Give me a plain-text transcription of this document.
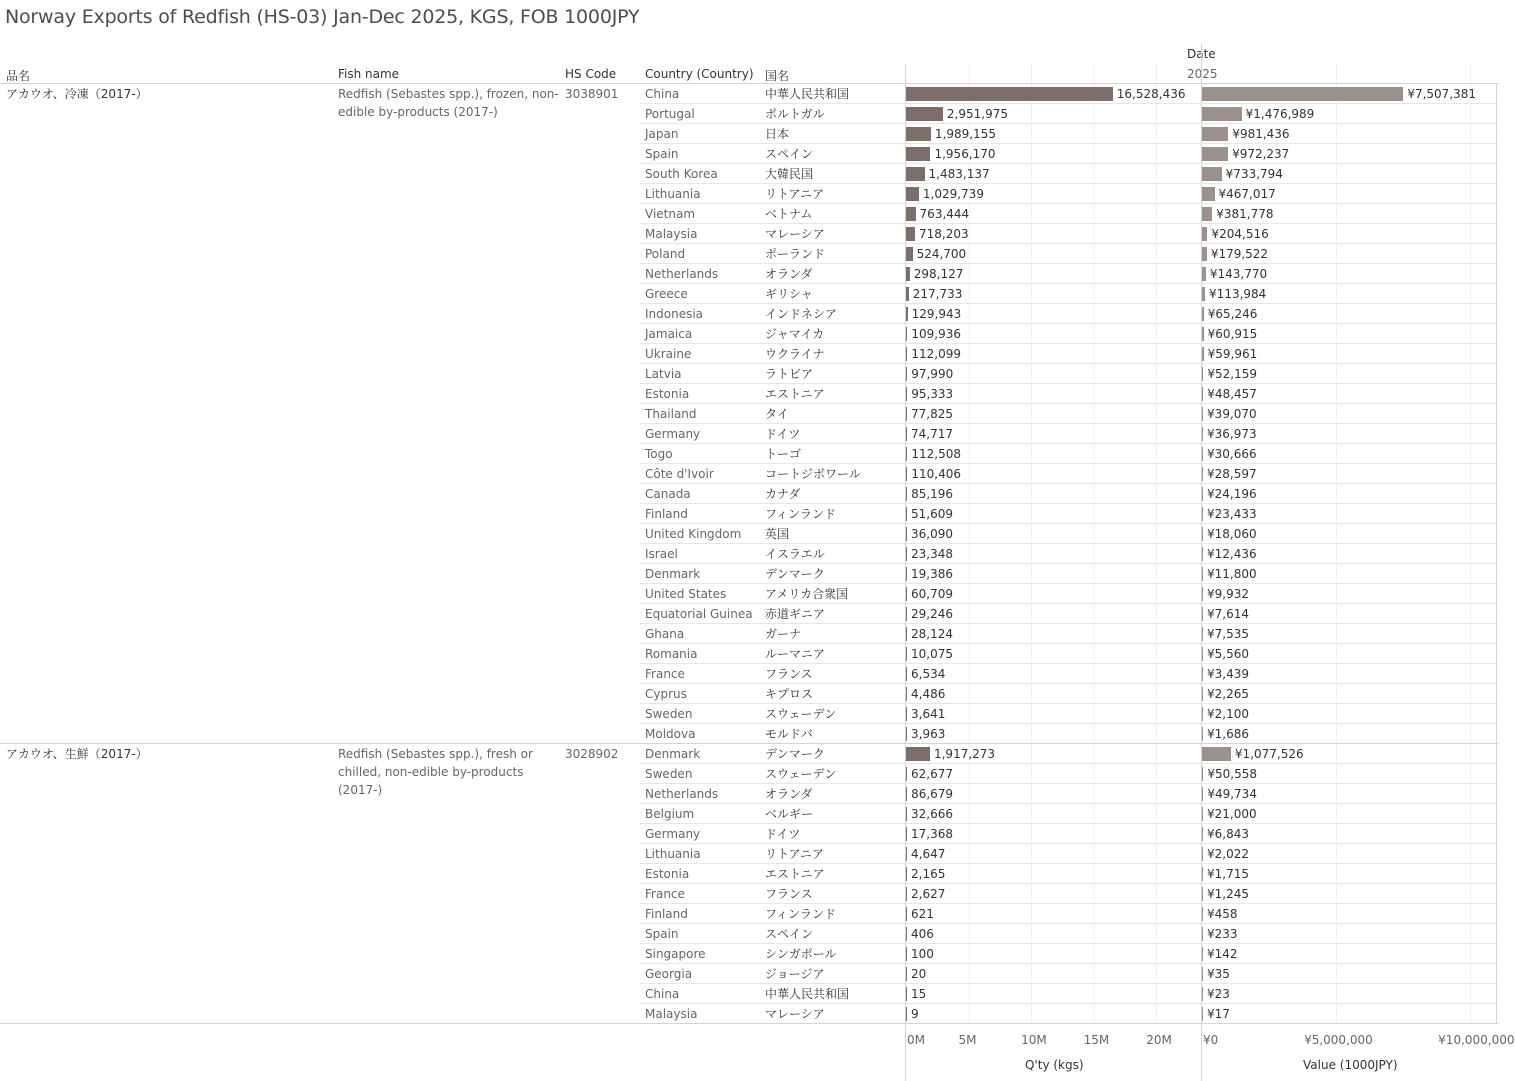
Norway Exports of Redfish (HS-03) Jan-Dec 2025, KGS, FOB 1000JPY
Date
2025
品名	Fish name	HS Code Country (Country) 国名
アカウオ、冷凍（2017-）	Redfish (Sebastes spp.), frozen, non-edible by-products (2017-)
3038901 China	中華人民共和国	16,528,436	¥7,507,381
Portugal	ポルトガル	2,951,975	¥1,476,989
Japan	日本	1,989,155	¥981,436
Spain	スペイン	1,956,170	¥972,237
South Korea	大韓民国	1,483,137	¥733,794
Lithuania	リトアニア	1,029,739	¥467,017
Vietnam	ベトナム	763,444	¥381,778
Malaysia	マレーシア	718,203	¥204,516
Poland	ポーランド	524,700	¥179,522
Netherlands	オランダ	298,127	¥143,770
Greece	ギリシャ	217,733	¥113,984
Indonesia	インドネシア	129,943	¥65,246
Jamaica	ジャマイカ	109,936	¥60,915
Ukraine	ウクライナ	112,099	¥59,961
Latvia	ラトビア	97,990	¥52,159
Estonia	エストニア	95,333	¥48,457
Thailand	タイ	77,825	¥39,070
Germany	ドイツ	74,717	¥36,973
Togo	トーゴ	112,508	¥30,666
Côte d'Ivoir	コートジボワール	110,406	¥28,597
Canada	カナダ	85,196	¥24,196
Finland	フィンランド	51,609	¥23,433
United Kingdom 英国	36,090	¥18,060
Israel	イスラエル	23,348	¥12,436
Denmark	デンマーク	19,386	¥11,800
United States	アメリカ合衆国	60,709	¥9,932
Equatorial Guinea 赤道ギニア	29,246	¥7,614
Ghana	ガーナ	28,124	¥7,535
Romania	ルーマニア	10,075	¥5,560
France	フランス	6,534	¥3,439
Cyprus	キプロス	4,486	¥2,265
Sweden	スウェーデン	3,641	¥2,100
Moldova	モルドバ	3,963	¥1,686
アカウオ、生鮮（2017-）	Redfish (Sebastes spp.), fresh or chilled, non-edible by-products (2017-)
3028902 Denmark	デンマーク	1,917,273	¥1,077,526
Sweden	スウェーデン	62,677	¥50,558
Netherlands	オランダ	86,679	¥49,734
Belgium	ベルギー	32,666	¥21,000
Germany	ドイツ	17,368	¥6,843
Lithuania	リトアニア	4,647	¥2,022
Estonia	エストニア	2,165	¥1,715
France	フランス	2,627	¥1,245
Finland	フィンランド	621	¥458
Spain	スペイン	406	¥233
Singapore	シンガポール	100	¥142
Georgia	ジョージア	20	¥35
China	中華人民共和国	15	¥23
Malaysia	マレーシア	9	¥17
0M	5M	10M	15M	20M	¥0	¥5,000,000	¥10,000,000
Q'ty (kgs)	Value (1000JPY)
